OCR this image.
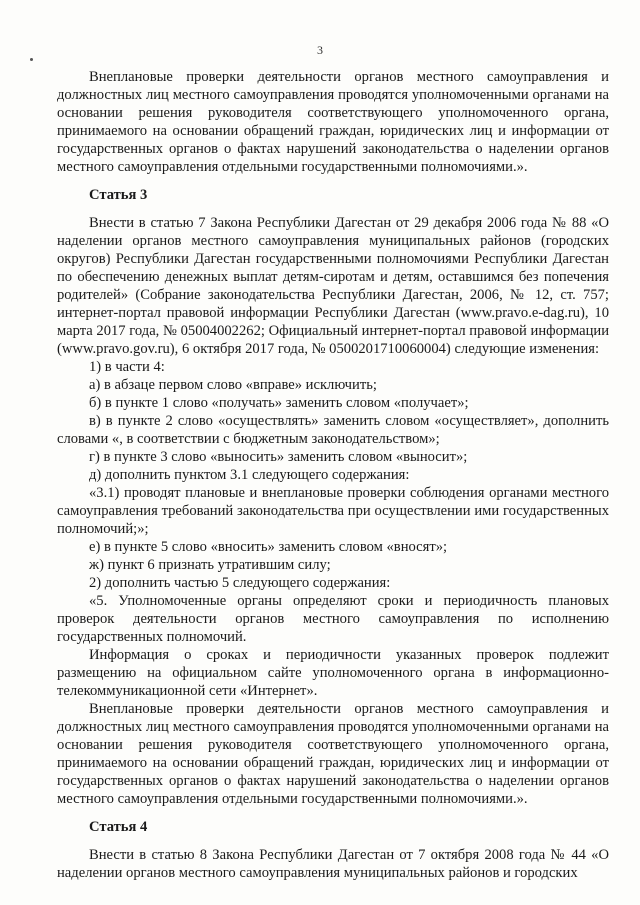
3

Внеплановые проверки деятельности органов местного самоуправления и должностных лиц местного самоуправления проводятся уполномоченными органами на основании решения руководителя соответствующего уполномоченного органа, принимаемого на основании обращений граждан, юридических лиц и информации от государственных органов о фактах нарушений законодательства о наделении органов местного самоуправления отдельными государственными полномочиями.».

Статья 3

Внести в статью 7 Закона Республики Дагестан от 29 декабря 2006 года № 88 «О наделении органов местного самоуправления муниципальных районов (городских округов) Республики Дагестан государственными полномочиями Республики Дагестан по обеспечению денежных выплат детям-сиротам и детям, оставшимся без попечения родителей» (Собрание законодательства Республики Дагестан, 2006, № 12, ст. 757; интернет-портал правовой информации Республики Дагестан (www.pravo.e-dag.ru), 10 марта 2017 года, № 05004002262; Официальный интернет-портал правовой информации (www.pravo.gov.ru), 6 октября 2017 года, № 0500201710060004) следующие изменения:

1) в части 4:

а) в абзаце первом слово «вправе» исключить;

б) в пункте 1 слово «получать» заменить словом «получает»;

в) в пункте 2 слово «осуществлять» заменить словом «осуществляет», дополнить словами «, в соответствии с бюджетным законодательством»;

г) в пункте 3 слово «выносить» заменить словом «выносит»;

д) дополнить пунктом 3.1 следующего содержания:

«3.1) проводят плановые и внеплановые проверки соблюдения органами местного самоуправления требований законодательства при осуществлении ими государственных полномочий;»;

е) в пункте 5 слово «вносить» заменить словом «вносят»;

ж) пункт 6 признать утратившим силу;

2) дополнить частью 5 следующего содержания:

«5. Уполномоченные органы определяют сроки и периодичность плановых проверок деятельности органов местного самоуправления по исполнению государственных полномочий.

Информация о сроках и периодичности указанных проверок подлежит размещению на официальном сайте уполномоченного органа в информационно-телекоммуникационной сети «Интернет».

Внеплановые проверки деятельности органов местного самоуправления и должностных лиц местного самоуправления проводятся уполномоченными органами на основании решения руководителя соответствующего уполномоченного органа, принимаемого на основании обращений граждан, юридических лиц и информации от государственных органов о фактах нарушений законодательства о наделении органов местного самоуправления отдельными государственными полномочиями.».

Статья 4

Внести в статью 8 Закона Республики Дагестан от 7 октября 2008 года № 44 «О наделении органов местного самоуправления муниципальных районов и городских
